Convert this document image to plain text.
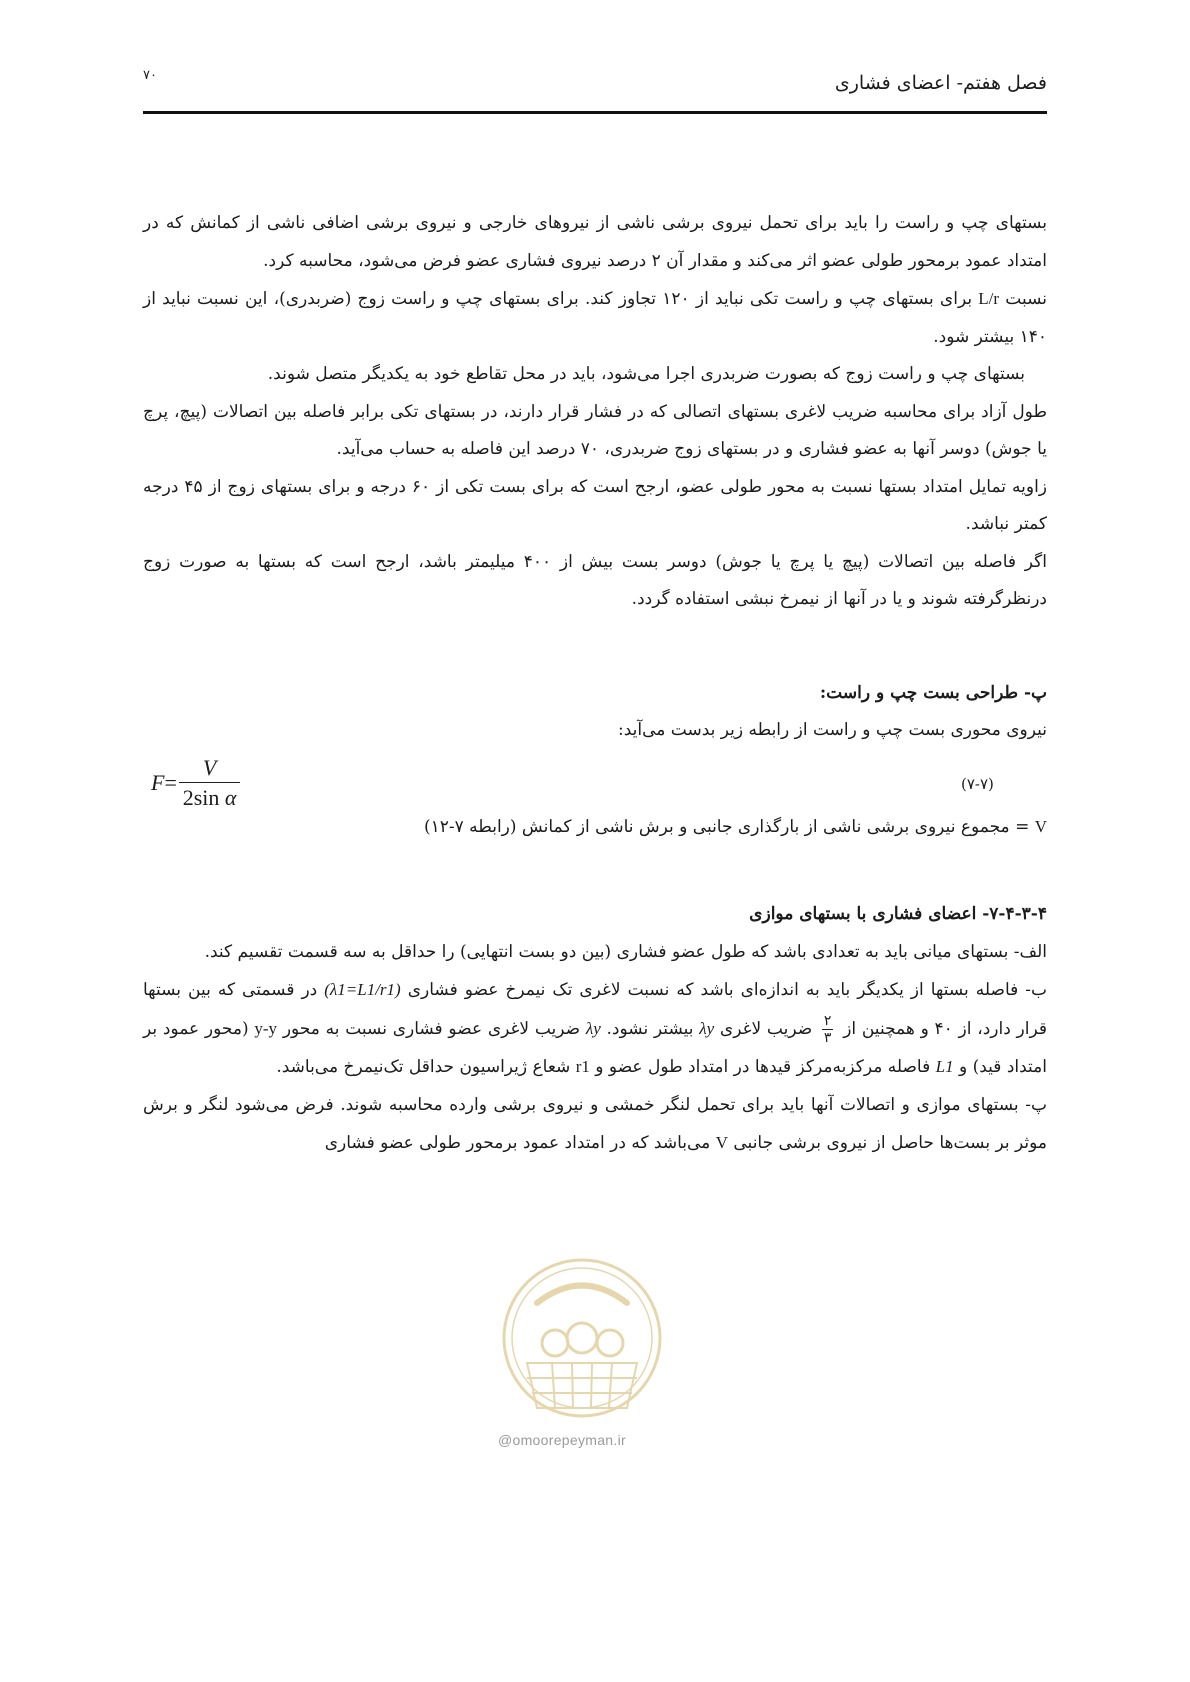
فصل هفتم- اعضای فشاری
۷۰

بستهای چپ و راست را باید برای تحمل نیروی برشی ناشی از نیروهای خارجی و نیروی برشی اضافی ناشی از کمانش که در امتداد عمود برمحور طولی عضو اثر می‌کند و مقدار آن ۲ درصد نیروی فشاری عضو فرض می‌شود، محاسبه کرد.

نسبت L/r برای بستهای چپ و راست تکی نباید از ۱۲۰ تجاوز کند. برای بستهای چپ و راست زوج (ضربدری)، این نسبت نباید از ۱۴۰ بیشتر شود.

بستهای چپ و راست زوج که بصورت ضربدری اجرا می‌شود، باید در محل تقاطع خود به یکدیگر متصل شوند.

طول آزاد برای محاسبه ضریب لاغری بستهای اتصالی که در فشار قرار دارند، در بستهای تکی برابر فاصله بین اتصالات (پیچ، پرچ یا جوش) دوسر آنها به عضو فشاری و در بستهای زوج ضربدری، ۷۰ درصد این فاصله به حساب می‌آید.

زاویه تمایل امتداد بستها نسبت به محور طولی عضو، ارجح است که برای بست تکی از ۶۰ درجه و برای بستهای زوج از ۴۵ درجه کمتر نباشد.

اگر فاصله بین اتصالات (پیچ یا پرچ یا جوش) دوسر بست بیش از ۴۰۰ میلیمتر باشد، ارجح است که بستها به صورت زوج درنظرگرفته شوند و یا در آنها از نیمرخ نبشی استفاده گردد.

پ- طراحی بست چپ و راست:

نیروی محوری بست چپ و راست از رابطه زیر بدست می‌آید:

$F = \frac{V}{\text{2sin α}}$	(۷-۷)

V = مجموع نیروی برشی ناشی از بارگذاری جانبی و برش ناشی از کمانش (رابطه ۷-۱۲)

۷-۴-۳-۴- اعضای فشاری با بستهای موازی

الف- بستهای میانی باید به تعدادی باشد که طول عضو فشاری (بین دو بست انتهایی) را حداقل به سه قسمت تقسیم کند.

ب- فاصله بستها از یکدیگر باید به اندازه‌ای باشد که نسبت لاغری تک نیمرخ عضو فشاری (λ1=L1/r1) در قسمتی که بین بستها قرار دارد، از ۴۰ و همچنین از
$\frac{۲}{۳}$
ضریب لاغری λy بیشتر نشود. λy ضریب لاغری عضو فشاری نسبت به محور y-y (محور عمود بر امتداد قید) و L1 فاصله مرکزبه‌مرکز قیدها در امتداد طول عضو و r1 شعاع ژیراسیون حداقل تک‌نیمرخ می‌باشد.

پ- بستهای موازی و اتصالات آنها باید برای تحمل لنگر خمشی و نیروی برشی وارده محاسبه شوند. فرض می‌شود لنگر و برش موثر بر بست‌ها حاصل از نیروی برشی جانبی V می‌باشد که در امتداد عمود برمحور طولی عضو فشاری

@omoorepeyman.ir
